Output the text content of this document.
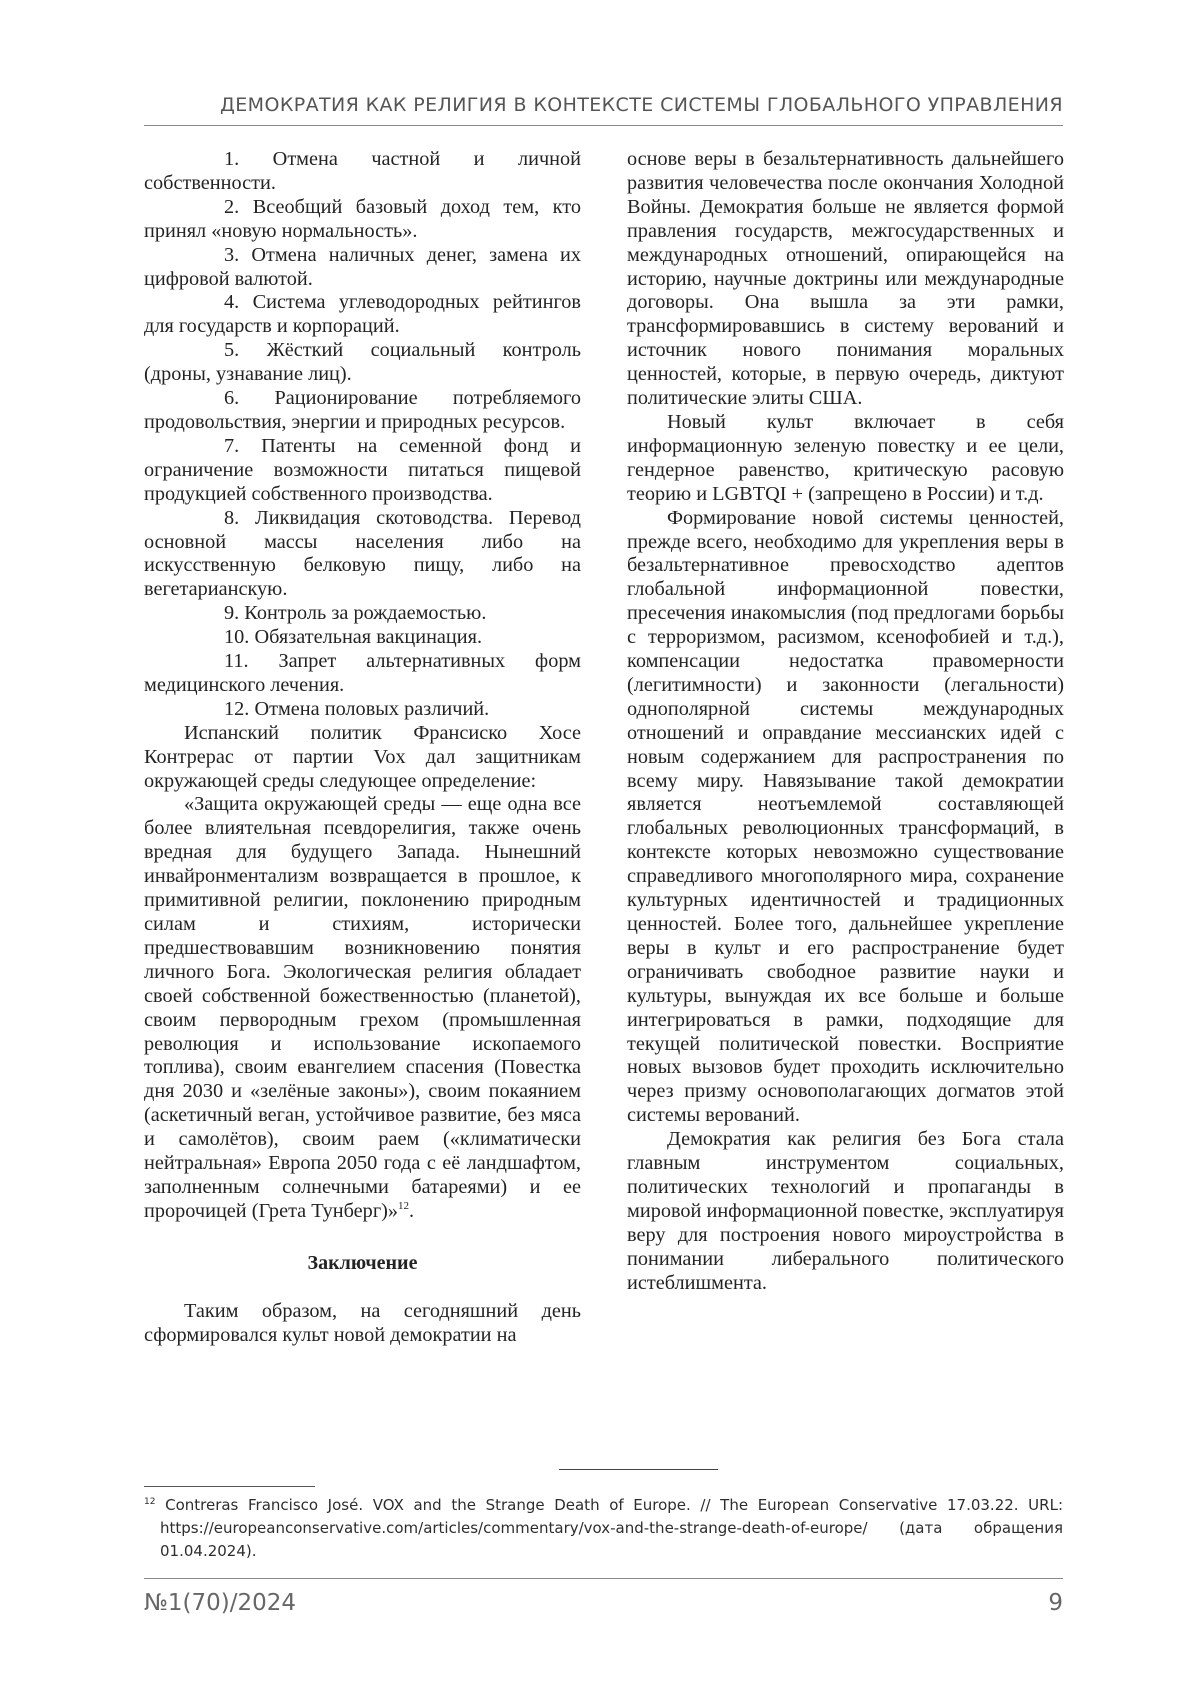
ДЕМОКРАТИЯ КАК РЕЛИГИЯ В КОНТЕКСТЕ СИСТЕМЫ ГЛОБАЛЬНОГО УПРАВЛЕНИЯ
1. Отмена частной и личной собственности.
2. Всеобщий базовый доход тем, кто принял «новую нормальность».
3. Отмена наличных денег, замена их цифровой валютой.
4. Система углеводородных рейтингов для государств и корпораций.
5. Жёсткий социальный контроль (дроны, узнавание лиц).
6. Рационирование потребляемого продовольствия, энергии и природных ресурсов.
7. Патенты на семенной фонд и ограничение возможности питаться пищевой продукцией собственного производства.
8. Ликвидация скотоводства. Перевод основной массы населения либо на искусственную белковую пищу, либо на вегетарианскую.
9. Контроль за рождаемостью.
10. Обязательная вакцинация.
11. Запрет альтернативных форм медицинского лечения.
12. Отмена половых различий.

Испанский политик Франсиско Хосе Контрерас от партии Vox дал защитникам окружающей среды следующее определение:

«Защита окружающей среды — еще одна все более влиятельная псевдорелигия, также очень вредная для будущего Запада. Нынешний инвайронментализм возвращается в прошлое, к примитивной религии, поклонению природным силам и стихиям, исторически предшествовавшим возникновению понятия личного Бога. Экологическая религия обладает своей собственной божественностью (планетой), своим первородным грехом (промышленная революция и использование ископаемого топлива), своим евангелием спасения (Повестка дня 2030 и «зелёные законы»), своим покаянием (аскетичный веган, устойчивое развитие, без мяса и самолётов), своим раем («климатически нейтральная» Европа 2050 года с её ландшафтом, заполненным солнечными батареями) и ее пророчицей (Грета Тунберг)»$^{12}$.

Заключение

Таким образом, на сегодняшний день сформировался культ новой демократии на

основе веры в безальтернативность дальнейшего развития человечества после окончания Холодной Войны. Демократия больше не является формой правления государств, межгосударственных и международных отношений, опирающейся на историю, научные доктрины или международные договоры. Она вышла за эти рамки, трансформировавшись в систему верований и источник нового понимания моральных ценностей, которые, в первую очередь, диктуют политические элиты США.

Новый культ включает в себя информационную зеленую повестку и ее цели, гендерное равенство, критическую расовую теорию и LGBTQI + (запрещено в России) и т.д.

Формирование новой системы ценностей, прежде всего, необходимо для укрепления веры в безальтернативное превосходство адептов глобальной информационной повестки, пресечения инакомыслия (под предлогами борьбы с терроризмом, расизмом, ксенофобией и т.д.), компенсации недостатка правомерности (легитимности) и законности (легальности) однополярной системы международных отношений и оправдание мессианских идей с новым содержанием для распространения по всему миру. Навязывание такой демократии является неотъемлемой составляющей глобальных революционных трансформаций, в контексте которых невозможно существование справедливого многополярного мира, сохранение культурных идентичностей и традиционных ценностей. Более того, дальнейшее укрепление веры в культ и его распространение будет ограничивать свободное развитие науки и культуры, вынуждая их все больше и больше интегрироваться в рамки, подходящие для текущей политической повестки. Восприятие новых вызовов будет проходить исключительно через призму основополагающих догматов этой системы верований.

Демократия как религия без Бога стала главным инструментом социальных, политических технологий и пропаганды в мировой информационной повестке, эксплуатируя веру для построения нового мироустройства в понимании либерального политического истеблишмента.

$^{12}$ Contreras Francisco José. VOX and the Strange Death of Europe. // The European Conservative 17.03.22. URL: https://europeanconservative.com/articles/commentary/vox-and-the-strange-death-of-europe/ (дата обращения 01.04.2024).
№1(70)/2024	9
